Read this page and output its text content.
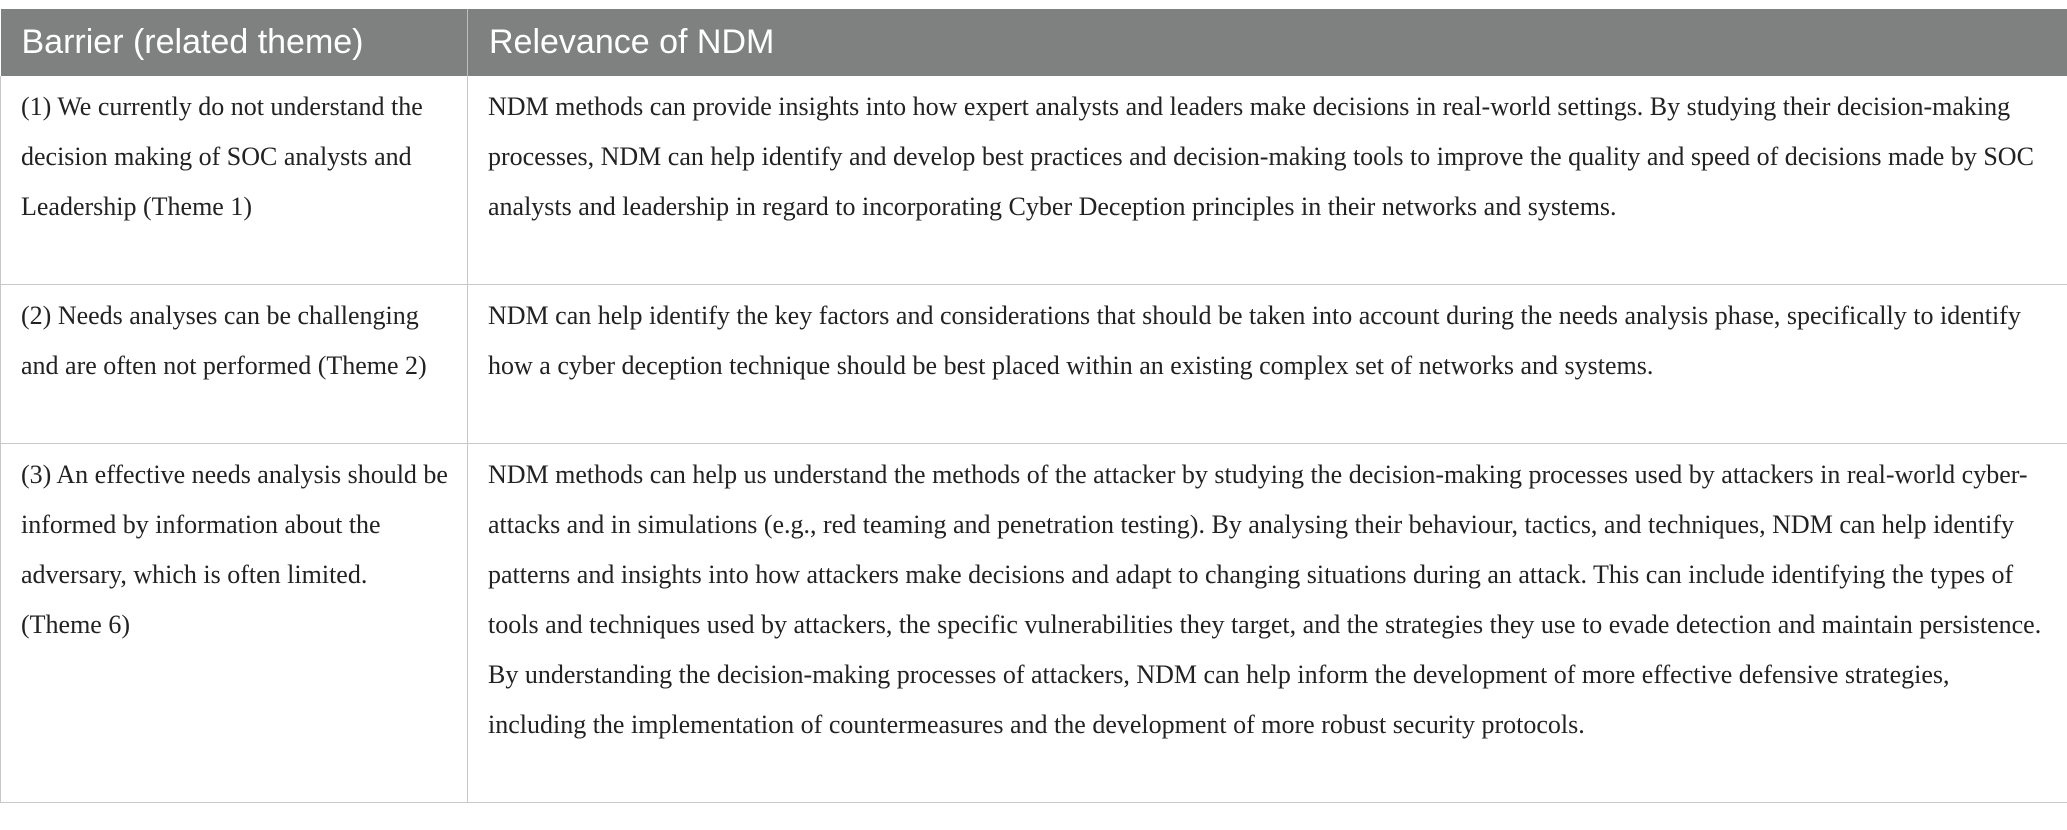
Barrier (related theme)	Relevance of NDM
(1) We currently do not understand the decision making of SOC analysts and Leadership (Theme 1)	NDM methods can provide insights into how expert analysts and leaders make decisions in real-world settings. By studying their decision-making processes, NDM can help identify and develop best practices and decision-making tools to improve the quality and speed of decisions made by SOC analysts and leadership in regard to incorporating Cyber Deception principles in their networks and systems.
(2) Needs analyses can be challenging and are often not performed (Theme 2)	NDM can help identify the key factors and considerations that should be taken into account during the needs analysis phase, specifically to identify how a cyber deception technique should be best placed within an existing complex set of networks and systems.
(3) An effective needs analysis should be informed by information about the adversary, which is often limited. (Theme 6)	NDM methods can help us understand the methods of the attacker by studying the decision-making processes used by attackers in real-world cyber-attacks and in simulations (e.g., red teaming and penetration testing). By analysing their behaviour, tactics, and techniques, NDM can help identify patterns and insights into how attackers make decisions and adapt to changing situations during an attack. This can include identifying the types of tools and techniques used by attackers, the specific vulnerabilities they target, and the strategies they use to evade detection and maintain persistence. By understanding the decision-making processes of attackers, NDM can help inform the development of more effective defensive strategies, including the implementation of countermeasures and the development of more robust security protocols.
